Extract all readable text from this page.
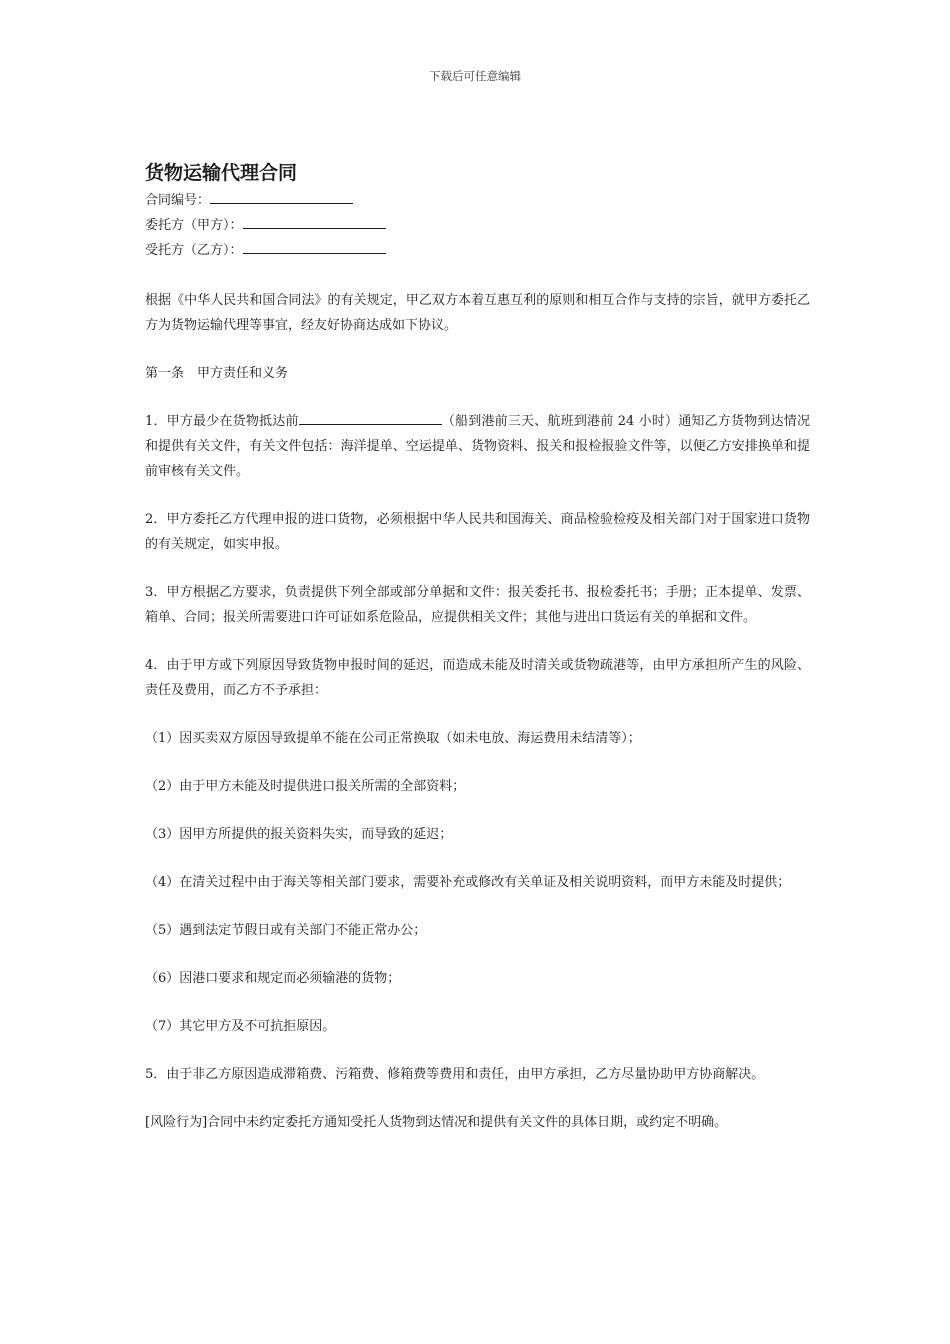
下载后可任意编辑
货物运输代理合同
合同编号：
委托方（甲方）：
受托方（乙方）：

根据《中华人民共和国合同法》的有关规定，甲乙双方本着互惠互利的原则和相互合作与支持的宗旨，就甲方委托乙方为货物运输代理等事宜，经友好协商达成如下协议。

第一条　甲方责任和义务

1．甲方最少在货物抵达前	（船到港前三天、航班到港前 24 小时）通知乙方货物到达情况和提供有关文件，有关文件包括：海洋提单、空运提单、货物资料、报关和报检报验文件等，以便乙方安排换单和提前审核有关文件。

2．甲方委托乙方代理申报的进口货物，必须根据中华人民共和国海关、商品检验检疫及相关部门对于国家进口货物的有关规定，如实申报。

3．甲方根据乙方要求，负责提供下列全部或部分单据和文件：报关委托书、报检委托书；手册；正本提单、发票、箱单、合同；报关所需要进口许可证如系危险品，应提供相关文件；其他与进出口货运有关的单据和文件。

4．由于甲方或下列原因导致货物申报时间的延迟，而造成未能及时清关或货物疏港等，由甲方承担所产生的风险、责任及费用，而乙方不予承担：

（1）因买卖双方原因导致提单不能在公司正常换取（如未电放、海运费用未结清等）；

（2）由于甲方未能及时提供进口报关所需的全部资料；

（3）因甲方所提供的报关资料失实，而导致的延迟；

（4）在清关过程中由于海关等相关部门要求，需要补充或修改有关单证及相关说明资料，而甲方未能及时提供；

（5）遇到法定节假日或有关部门不能正常办公；

（6）因港口要求和规定而必须输港的货物；

（7）其它甲方及不可抗拒原因。

5．由于非乙方原因造成滞箱费、污箱费、修箱费等费用和责任，由甲方承担，乙方尽量协助甲方协商解决。

[风险行为]合同中未约定委托方通知受托人货物到达情况和提供有关文件的具体日期，或约定不明确。
